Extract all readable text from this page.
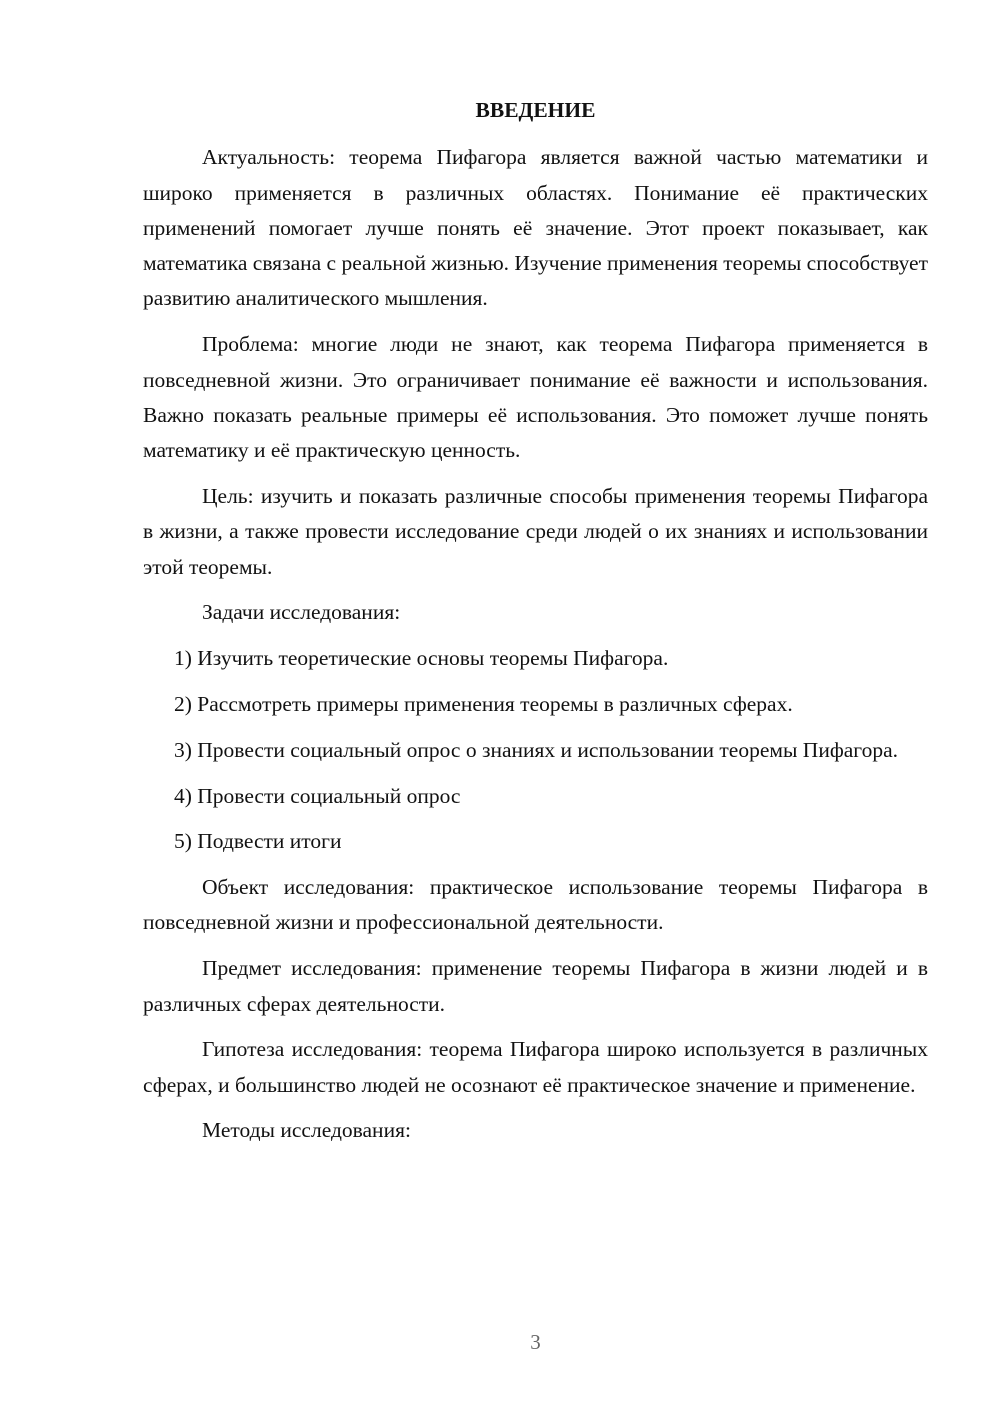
ВВЕДЕНИЕ

Актуальность: теорема Пифагора является важной частью математики и широко применяется в различных областях. Понимание её практических применений помогает лучше понять её значение. Этот проект показывает, как математика связана с реальной жизнью. Изучение применения теоремы способствует развитию аналитического мышления.

Проблема: многие люди не знают, как теорема Пифагора применяется в повседневной жизни. Это ограничивает понимание её важности и использования. Важно показать реальные примеры её использования. Это поможет лучше понять математику и её практическую ценность.

Цель: изучить и показать различные способы применения теоремы Пифагора в жизни, а также провести исследование среди людей о их знаниях и использовании этой теоремы.

Задачи исследования:

1) Изучить теоретические основы теоремы Пифагора.

2) Рассмотреть примеры применения теоремы в различных сферах.

3) Провести социальный опрос о знаниях и использовании теоремы Пифагора.

4) Провести социальный опрос

5) Подвести итоги

Объект исследования: практическое использование теоремы Пифагора в повседневной жизни и профессиональной деятельности.

Предмет исследования: применение теоремы Пифагора в жизни людей и в различных сферах деятельности.

Гипотеза исследования: теорема Пифагора широко используется в различных сферах, и большинство людей не осознают её практическое значение и применение.

Методы исследования:

3
